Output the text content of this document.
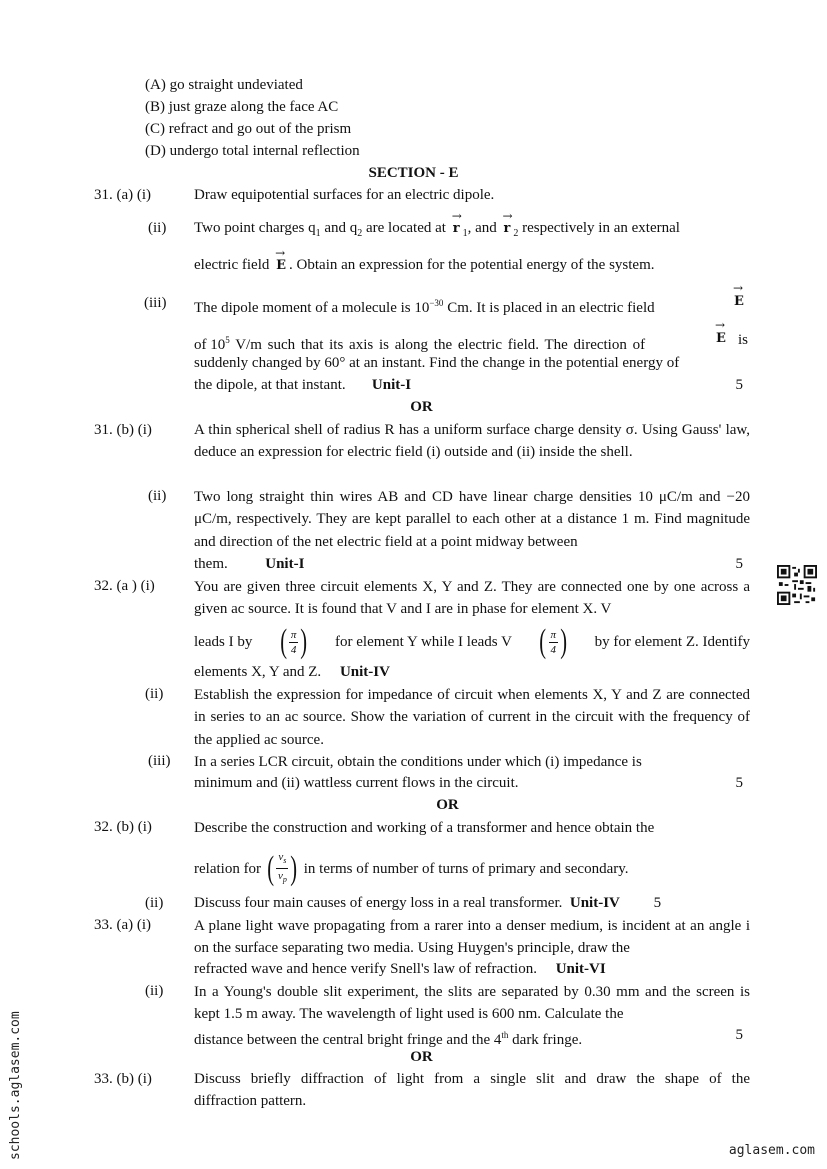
(A) go straight undeviated
(B) just graze along the face AC
(C) refract and go out of the prism
(D) undergo total internal reflection
SECTION - E
31. (a) (i)	Draw equipotential surfaces for an electric dipole.
(ii) Two point charges $q_1$ and $q_2$ are located at → r $_1$, and → r $_2$ respectively in an external
electric field → E . Obtain an expression for the potential energy of the system.
(iii) The dipole moment of a molecule is $10^{-30}$ Cm. It is placed in an electric field	→ E
of $10^5$ V/m such that its axis is along the electric field. The direction of	→ E is
suddenly changed by 60° at an instant. Find the change in the potential energy of
the dipole, at that instant. Unit-I	5
OR
31. (b) (i)	A thin spherical shell of radius R has a uniform surface charge density σ. Using Gauss' law, deduce an expression for electric field (i) outside and (ii) inside the shell.
(ii) Two long straight thin wires AB and CD have linear charge densities 10 μC/m and −20 μC/m, respectively. They are kept parallel to each other at a distance 1 m. Find magnitude and direction of the net electric field at a point midway between
them.	Unit-I	5
32. (a ) (i)	You are given three circuit elements X, Y and Z. They are connected one by one across a given ac source. It is found that V and I are in phase for element X. V
leads I by ( $\frac{\pi}{4}$ ) for element Y while I leads V ( $\frac{\pi}{4}$ ) by for element Z. Identify
elements X, Y and Z. Unit-IV
(ii) Establish the expression for impedance of circuit when elements X, Y and Z are connected in series to an ac source. Show the variation of current in the circuit with the frequency of the applied ac source.
(iii) In a series LCR circuit, obtain the conditions under which (i) impedance is
minimum and (ii) wattless current flows in the circuit.	5
OR
32. (b) (i)	Describe the construction and working of a transformer and hence obtain the
relation for ( $\frac{v_s}{v_p}$ ) in terms of number of turns of primary and secondary.
(ii) Discuss four main causes of energy loss in a real transformer. Unit-IV 5
33. (a) (i)	A plane light wave propagating from a rarer into a denser medium, is incident at an angle i on the surface separating two media. Using Huygen's principle, draw the
refracted wave and hence verify Snell's law of refraction. Unit-VI
(ii) In a Young's double slit experiment, the slits are separated by 0.30 mm and the screen is kept 1.5 m away. The wavelength of light used is 600 nm. Calculate the
distance between the central bright fringe and the 4th dark fringe.	5
OR
33. (b) (i)	Discuss briefly diffraction of light from a single slit and draw the shape of the
diffraction pattern.
schools.aglasem.com	aglasem.com
